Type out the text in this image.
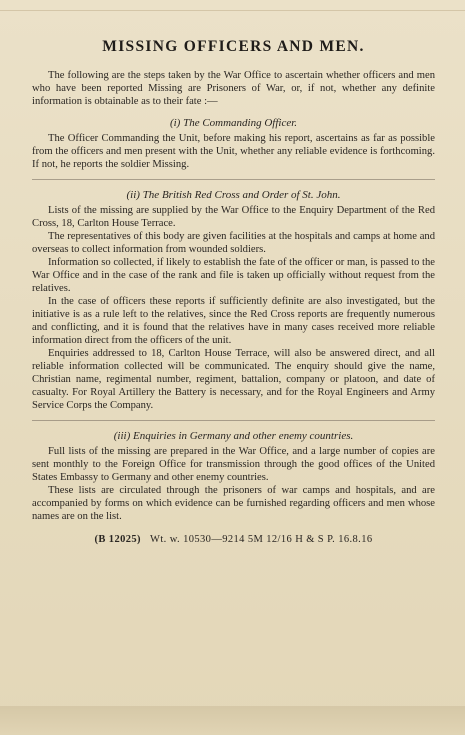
MISSING OFFICERS AND MEN.

The following are the steps taken by the War Office to ascertain whether officers and men who have been reported Missing are Prisoners of War, or, if not, whether any definite information is obtainable as to their fate :—

(i) The Commanding Officer.

The Officer Commanding the Unit, before making his report, ascertains as far as possible from the officers and men present with the Unit, whether any reliable evidence is forthcoming. If not, he reports the soldier Missing.

(ii) The British Red Cross and Order of St. John.

Lists of the missing are supplied by the War Office to the Enquiry Department of the Red Cross, 18, Carlton House Terrace.

The representatives of this body are given facilities at the hospitals and camps at home and overseas to collect information from wounded soldiers.

Information so collected, if likely to establish the fate of the officer or man, is passed to the War Office and in the case of the rank and file is taken up officially without request from the relatives.

In the case of officers these reports if sufficiently definite are also investigated, but the initiative is as a rule left to the relatives, since the Red Cross reports are frequently numerous and conflicting, and it is found that the relatives have in many cases received more reliable information direct from the officers of the unit.

Enquiries addressed to 18, Carlton House Terrace, will also be answered direct, and all reliable information collected will be communicated. The enquiry should give the name, Christian name, regimental number, regiment, battalion, company or platoon, and date of casualty. For Royal Artillery the Battery is necessary, and for the Royal Engineers and Army Service Corps the Company.

(iii) Enquiries in Germany and other enemy countries.

Full lists of the missing are prepared in the War Office, and a large number of copies are sent monthly to the Foreign Office for transmission through the good offices of the United States Embassy to Germany and other enemy countries.

These lists are circulated through the prisoners of war camps and hospitals, and are accompanied by forms on which evidence can be furnished regarding officers and men whose names are on the list.

(B 12025) Wt. w. 10530—9214 5M 12/16 H & S P. 16.8.16
